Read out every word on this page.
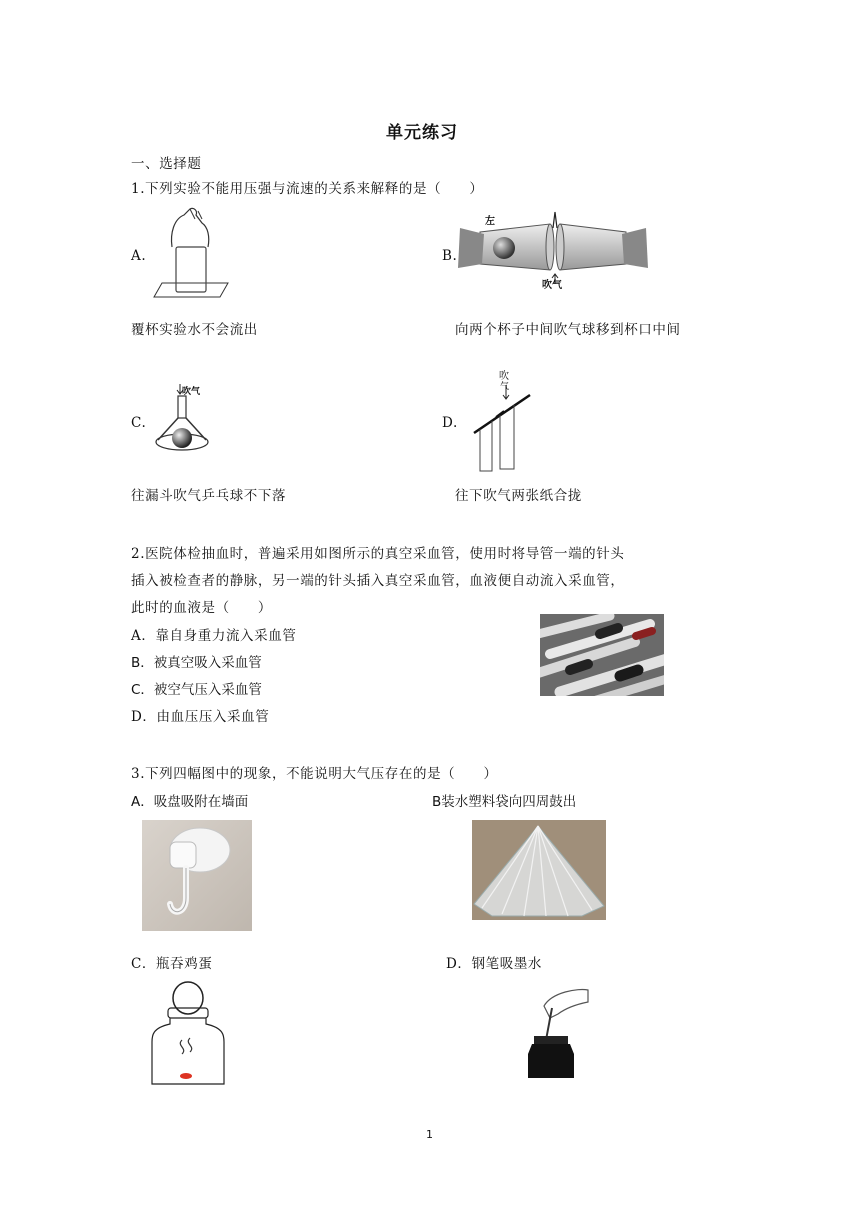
单元练习
一、选择题
1.下列实验不能用压强与流速的关系来解释的是（　　）
A.	B.
左
吹气
覆杯实验水不会流出	向两个杯子中间吹气球移到杯口中间
C.
吹气
D.
吹
气
往漏斗吹气乒乓球不下落	往下吹气两张纸合拢
2.医院体检抽血时，普遍采用如图所示的真空采血管，使用时将导管一端的针头
插入被检查者的静脉，另一端的针头插入真空采血管，血液便自动流入采血管，
此时的血液是（　　）
A．靠自身重力流入采血管
B．被真空吸入采血管
C．被空气压入采血管
D．由血压压入采血管
3.下列四幅图中的现象，不能说明大气压存在的是（　　）
A．吸盘吸附在墙面	B装水塑料袋向四周鼓出
C．瓶吞鸡蛋	D．钢笔吸墨水
1
